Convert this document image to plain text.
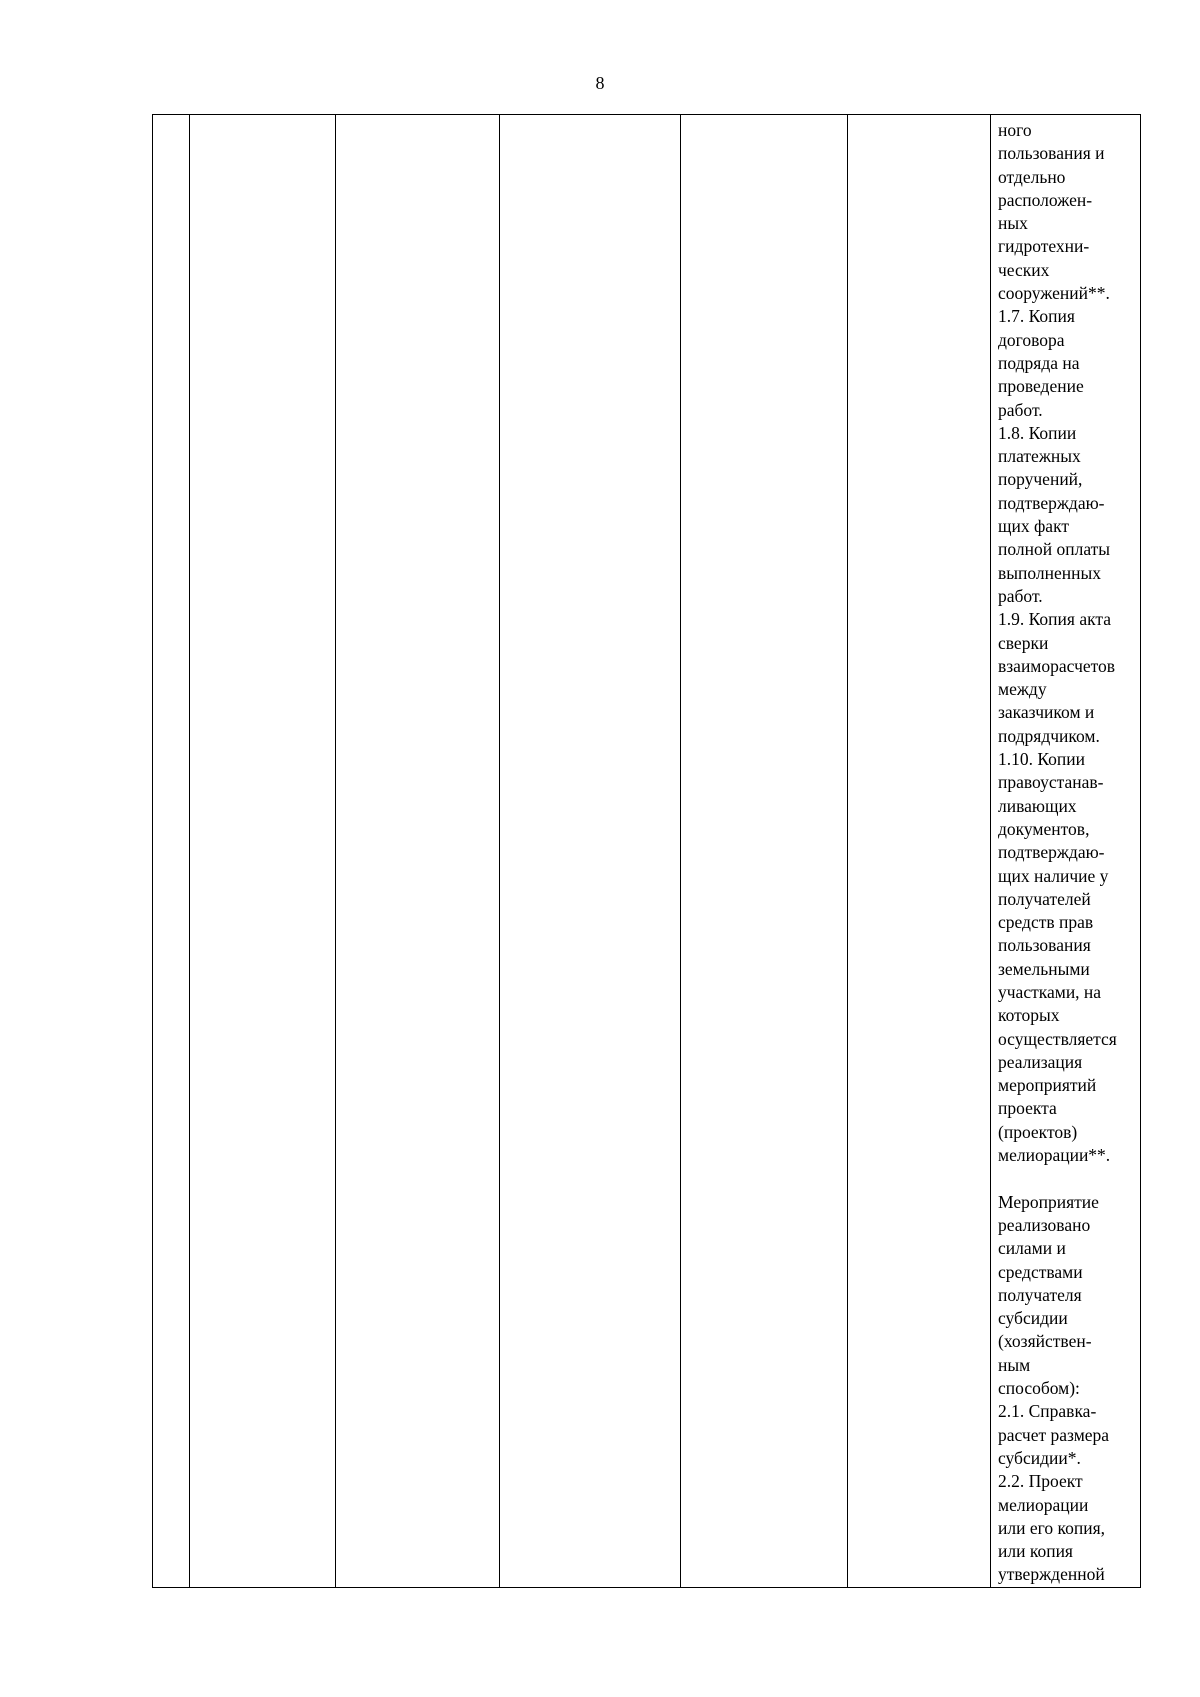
8

ного
пользования и
отдельно
расположен-
ных
гидротехни-
ческих
сооружений**.
1.7. Копия
договора
подряда на
проведение
работ.
1.8. Копии
платежных
поручений,
подтверждаю-
щих факт
полной оплаты
выполненных
работ.
1.9. Копия акта
сверки
взаиморасчетов
между
заказчиком и
подрядчиком.
1.10. Копии
правоустанав-
ливающих
документов,
подтверждаю-
щих наличие у
получателей
средств прав
пользования
земельными
участками, на
которых
осуществляется
реализация
мероприятий
проекта
(проектов)
мелиорации**.
Мероприятие
реализовано
силами и
средствами
получателя
субсидии
(хозяйствен-
ным
способом):
2.1. Справка-
расчет размера
субсидии*.
2.2. Проект
мелиорации
или его копия,
или копия
утвержденной
